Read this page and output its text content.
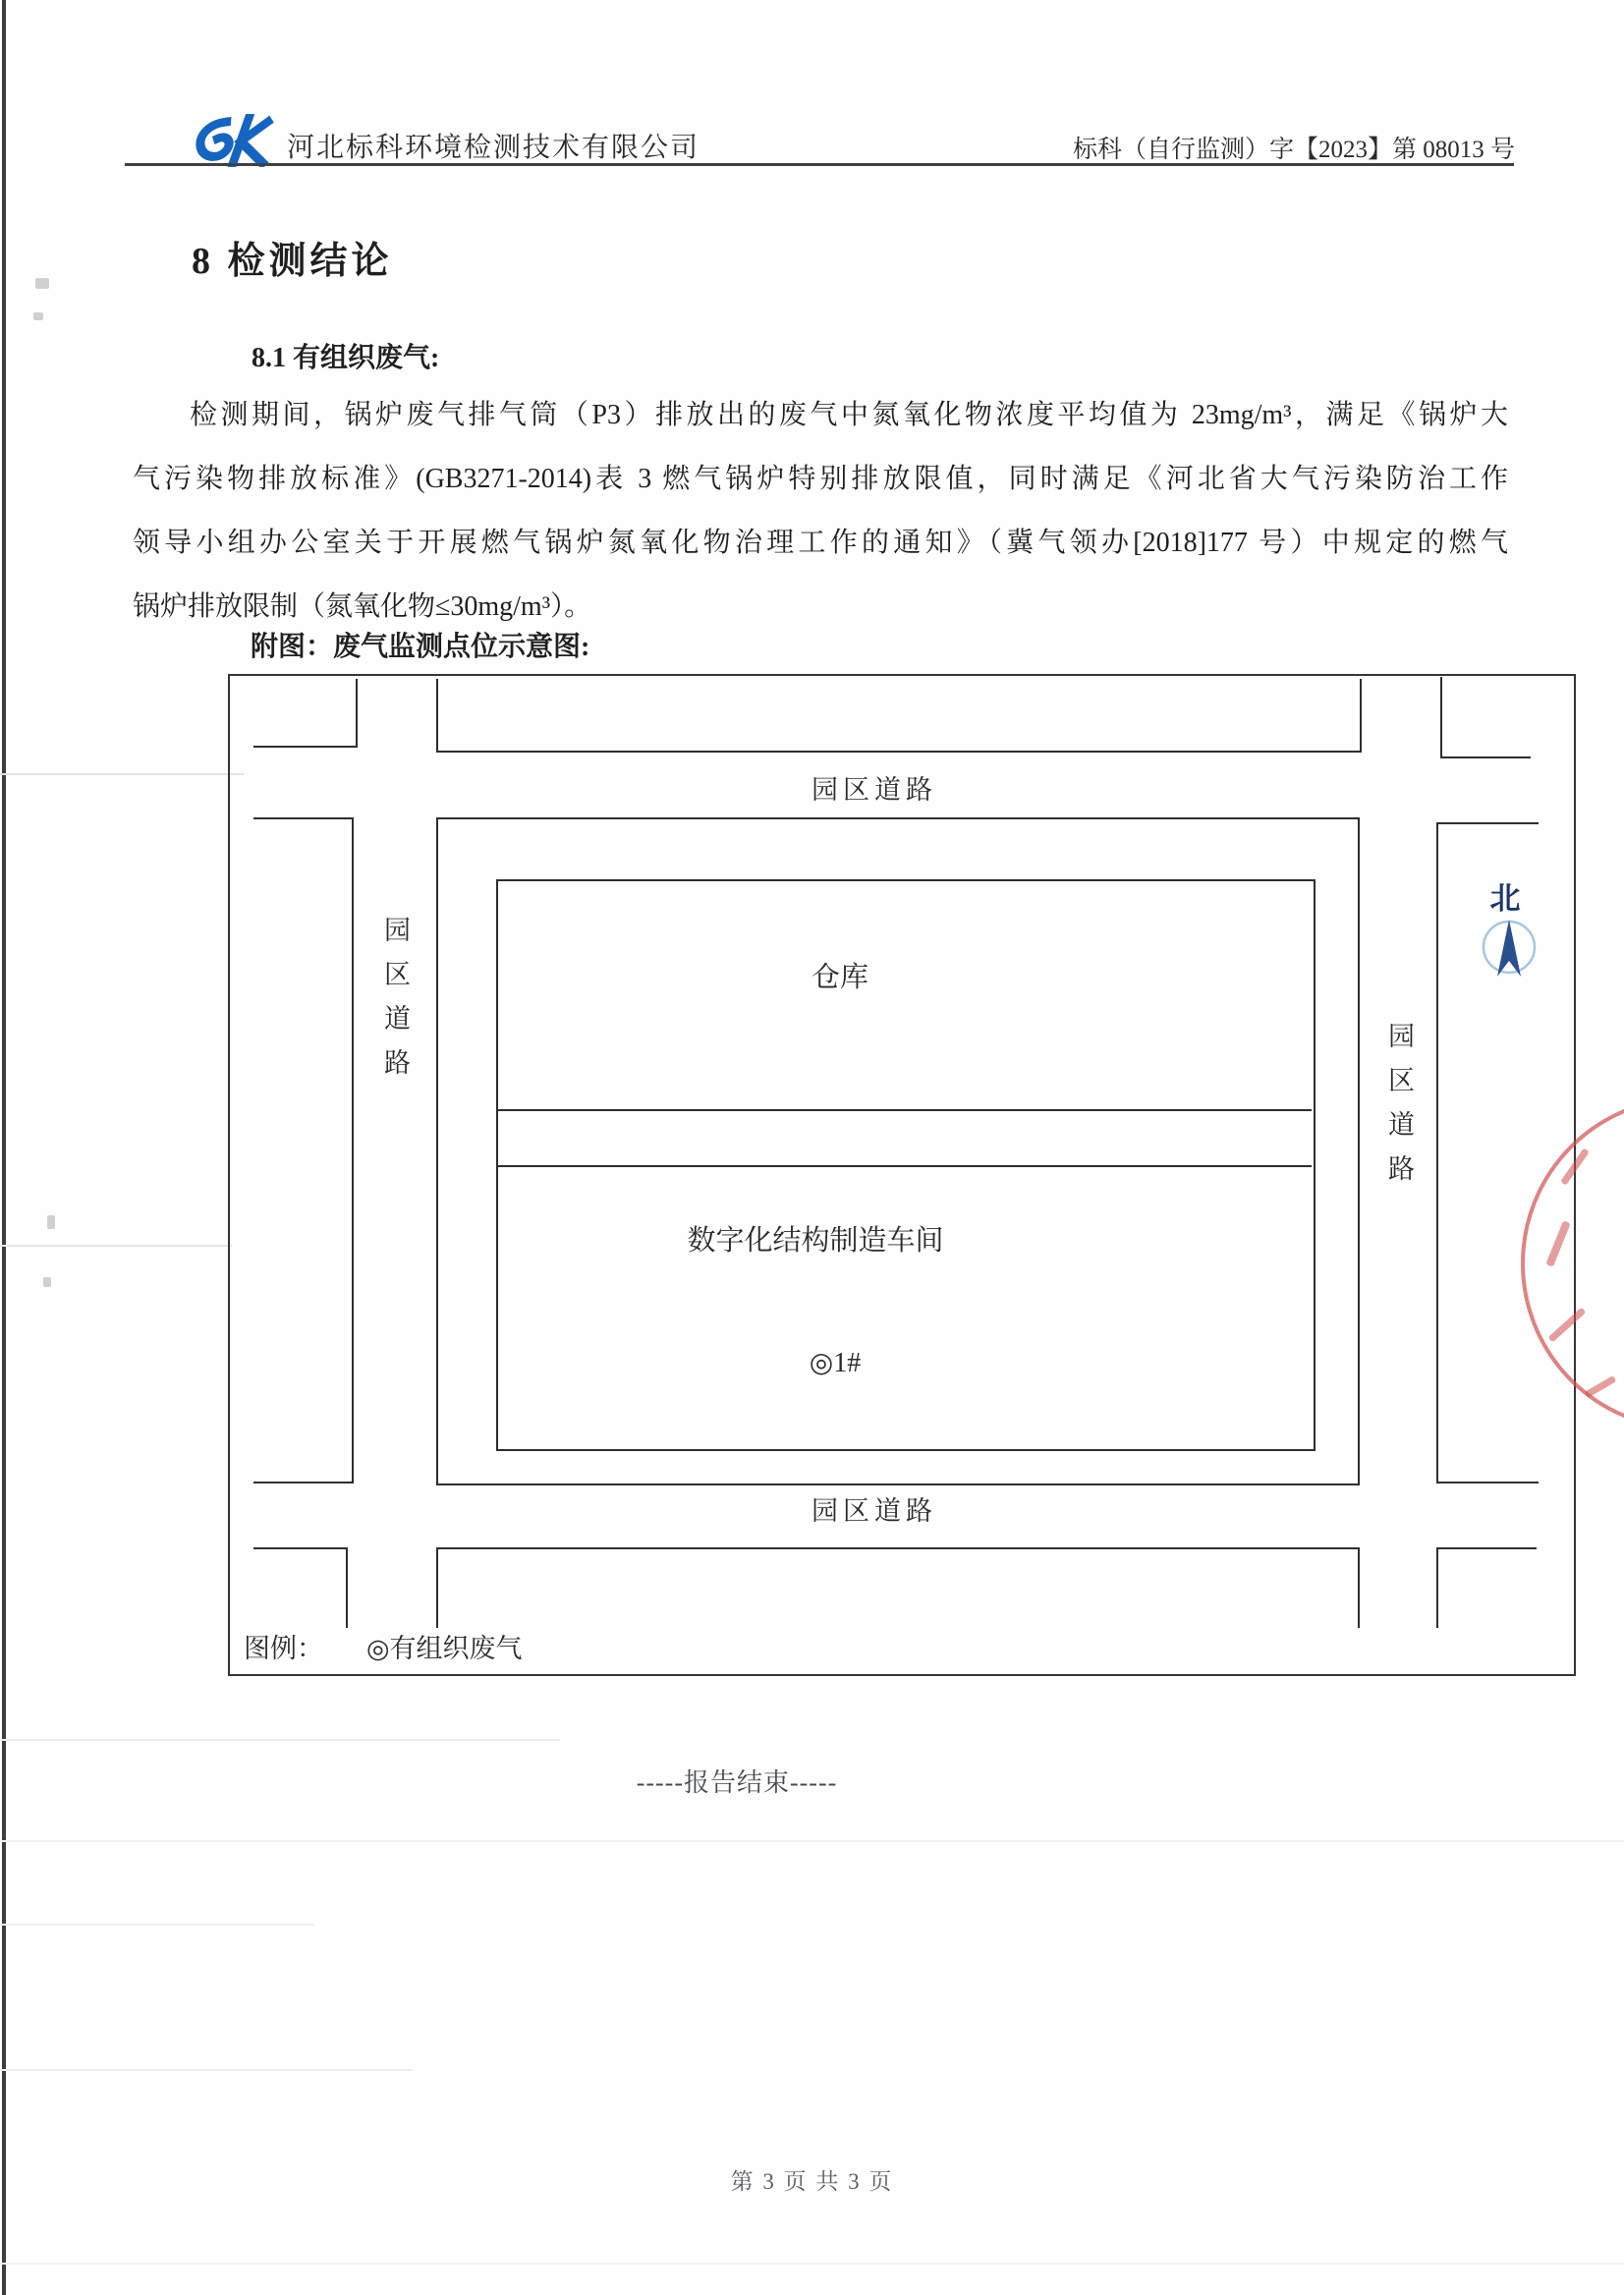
河北标科环境检测技术有限公司	标科（自行监测）字【2023】第 08013 号
8 检测结论
8.1 有组织废气:
检测期间，锅炉废气排气筒（P3）排放出的废气中氮氧化物浓度平均值为 23mg/m³，满足《锅炉大
气污染物排放标准》(GB3271-2014)表 3 燃气锅炉特别排放限值，同时满足《河北省大气污染防治工作
领导小组办公室关于开展燃气锅炉氮氧化物治理工作的通知》（冀气领办[2018]177 号）中规定的燃气
锅炉排放限制（氮氧化物≤30mg/m³）。
附图：废气监测点位示意图:
园区道路
园区道路
园区道路
园区道路
仓库
数字化结构制造车间
◎1#
北
图例： ◎有组织废气
-----报告结束-----
第 3 页 共 3 页
